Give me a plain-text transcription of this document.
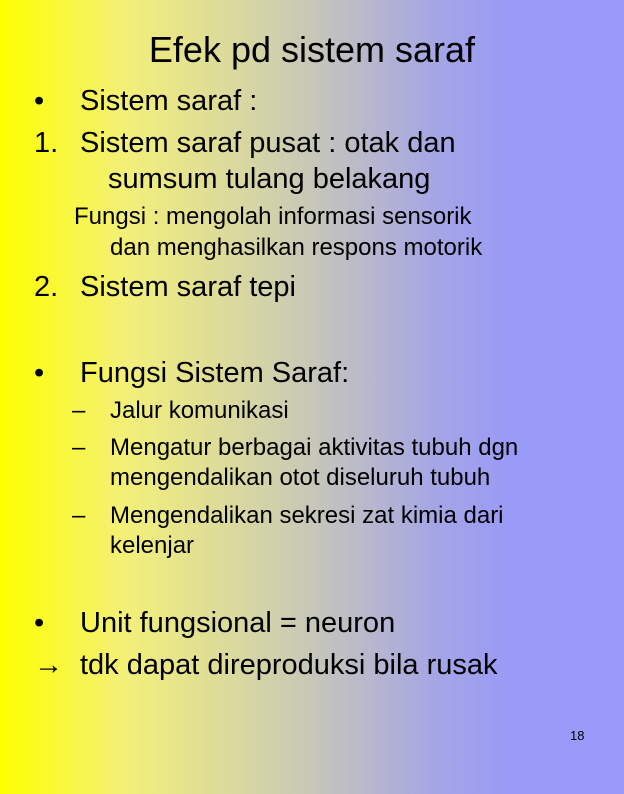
Efek pd sistem saraf
• Sistem saraf :
1. Sistem saraf pusat : otak dan
sumsum tulang belakang
Fungsi : mengolah informasi sensorik
dan menghasilkan respons motorik
2. Sistem saraf tepi
• Fungsi Sistem Saraf:
– Jalur komunikasi
– Mengatur berbagai aktivitas tubuh dgn
mengendalikan otot diseluruh tubuh
– Mengendalikan sekresi zat kimia dari
kelenjar
• Unit fungsional = neuron
→ tdk dapat direproduksi bila rusak
18
